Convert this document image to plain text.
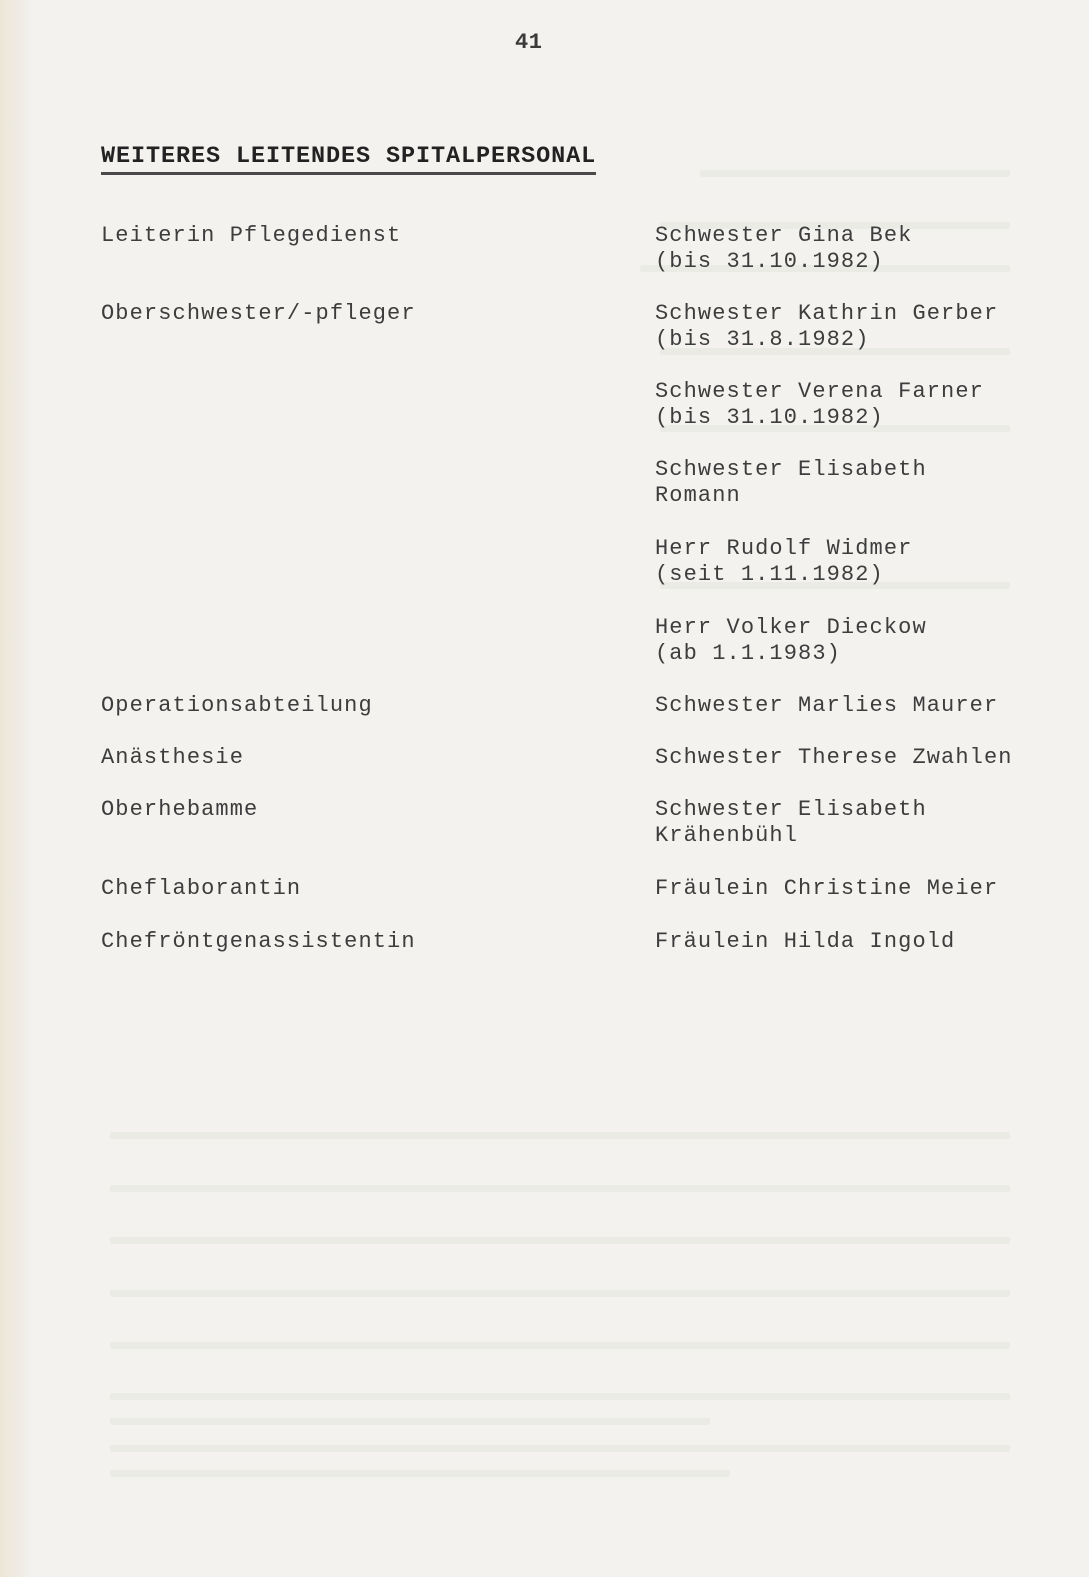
41
WEITERES LEITENDES SPITALPERSONAL
Leiterin Pflegedienst	Schwester Gina Bek
(bis 31.10.1982)
Oberschwester/-pfleger	Schwester Kathrin Gerber
(bis 31.8.1982)
Schwester Verena Farner
(bis 31.10.1982)
Schwester Elisabeth
Romann
Herr Rudolf Widmer
(seit 1.11.1982)
Herr Volker Dieckow
(ab 1.1.1983)
Operationsabteilung	Schwester Marlies Maurer
Anästhesie	Schwester Therese Zwahlen
Oberhebamme	Schwester Elisabeth
Krähenbühl
Cheflaborantin	Fräulein Christine Meier
Chefröntgenassistentin	Fräulein Hilda Ingold
